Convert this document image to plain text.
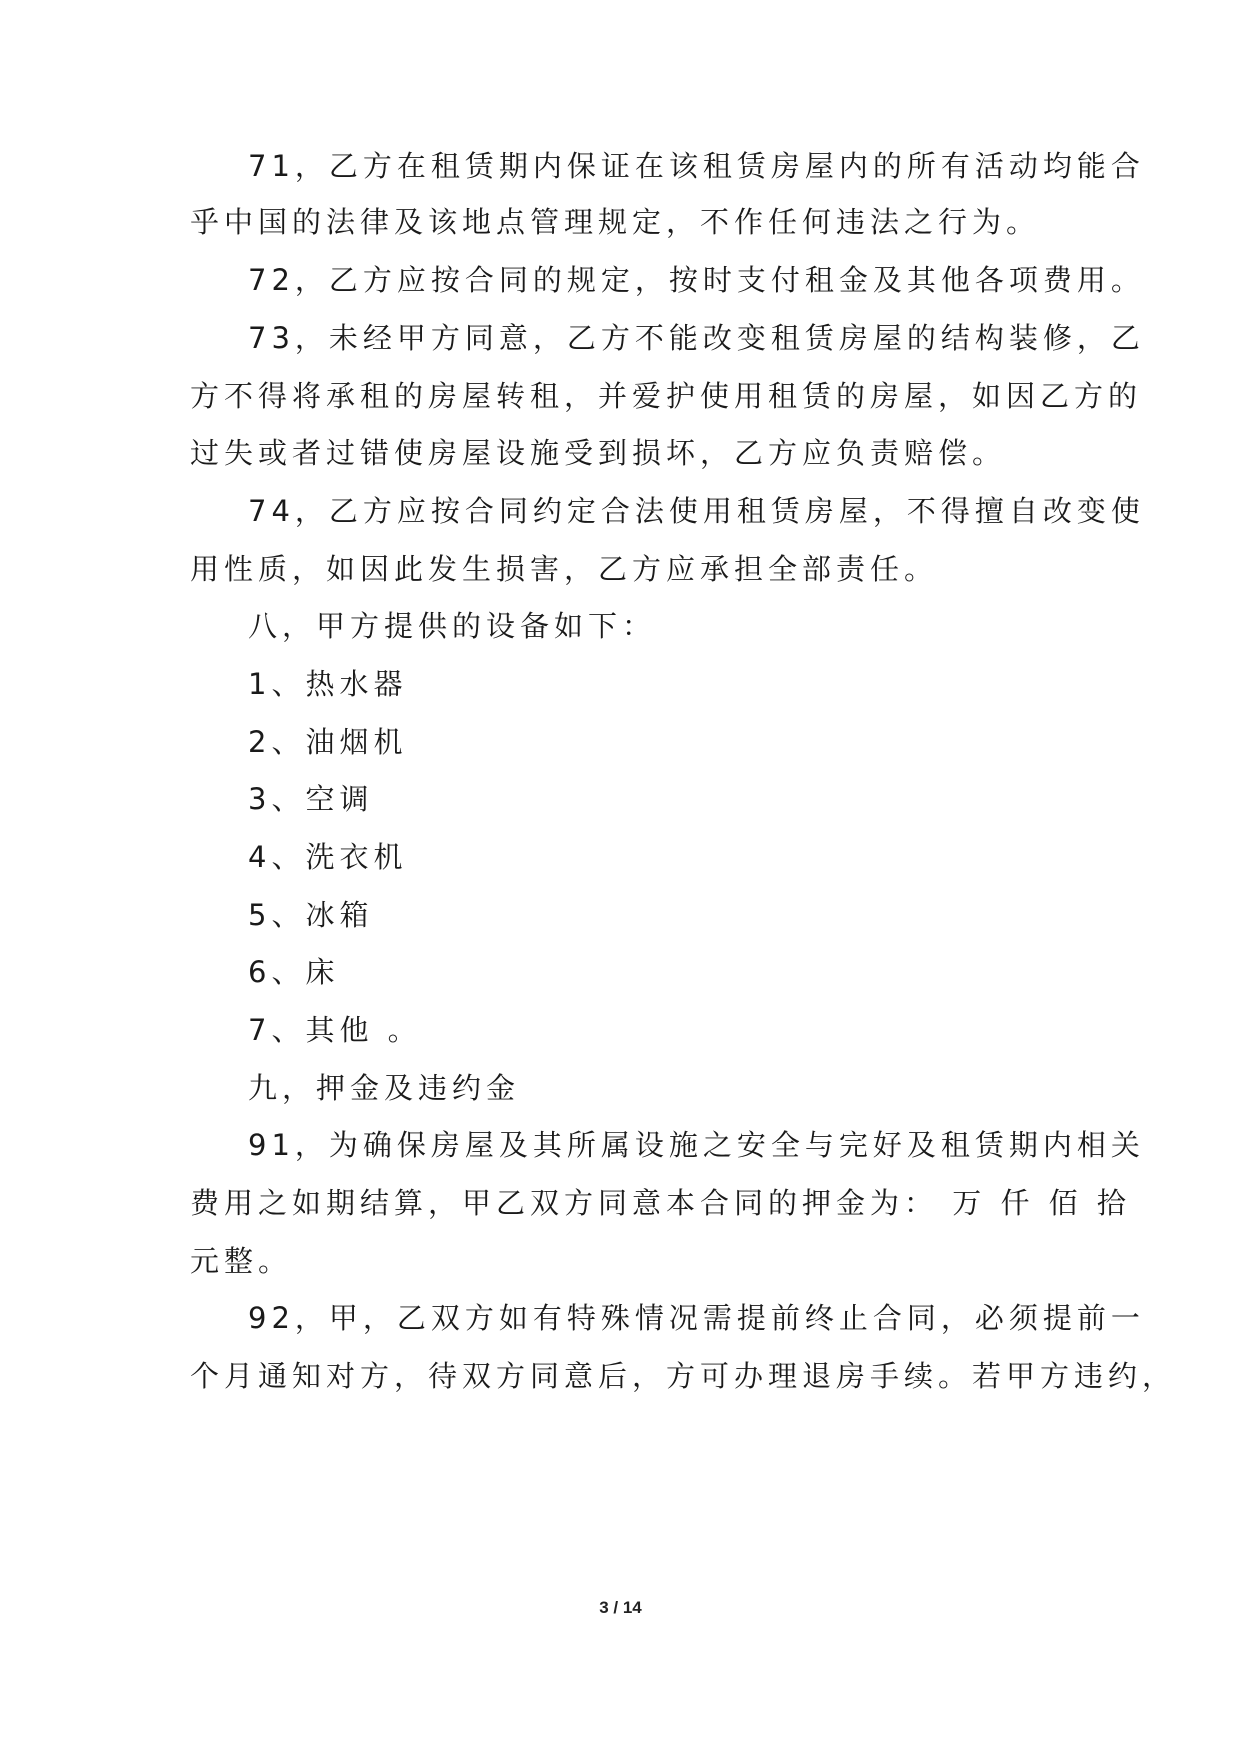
71，乙方在租赁期内保证在该租赁房屋内的所有活动均能合
乎中国的法律及该地点管理规定，不作任何违法之行为。
72，乙方应按合同的规定，按时支付租金及其他各项费用。
73，未经甲方同意，乙方不能改变租赁房屋的结构装修，乙
方不得将承租的房屋转租，并爱护使用租赁的房屋，如因乙方的
过失或者过错使房屋设施受到损坏，乙方应负责赔偿。
74，乙方应按合同约定合法使用租赁房屋，不得擅自改变使
用性质，如因此发生损害，乙方应承担全部责任。
八，甲方提供的设备如下：
1、热水器
2、油烟机
3、空调
4、洗衣机
5、冰箱
6、床
7、其他 。
九，押金及违约金
91，为确保房屋及其所属设施之安全与完好及租赁期内相关
费用之如期结算，甲乙双方同意本合同的押金为： 万 仟 佰 拾
元整。
92，甲，乙双方如有特殊情况需提前终止合同，必须提前一
个月通知对方，待双方同意后，方可办理退房手续。若甲方违约，
3 / 14
